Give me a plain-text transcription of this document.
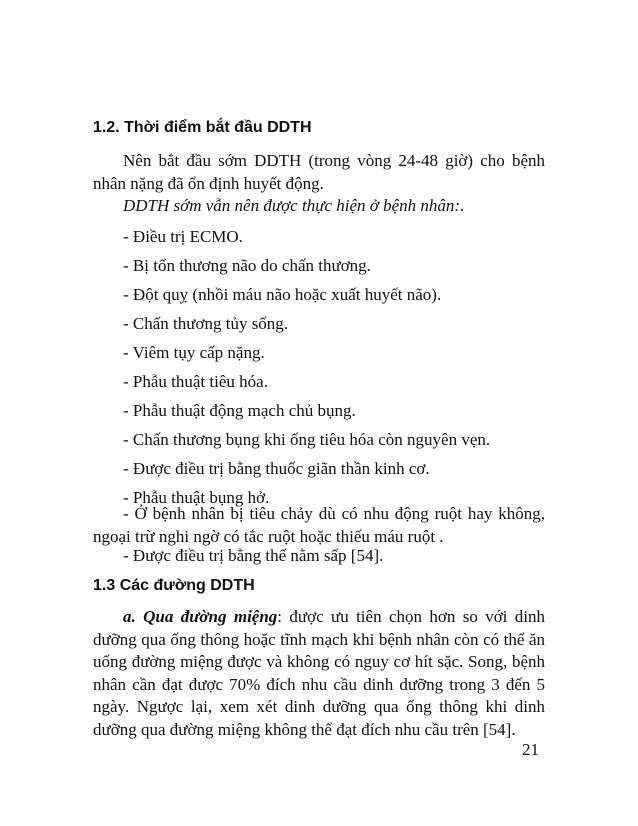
1.2. Thời điểm bắt đầu DDTH
Nên bắt đầu sớm DDTH (trong vòng 24-48 giờ) cho bệnh nhân nặng đã ổn định huyết động.
DDTH sớm vẫn nên được thực hiện ở bệnh nhân:.
- Điều trị ECMO.
- Bị tổn thương não do chấn thương.
- Đột quỵ (nhồi máu não hoặc xuất huyết não).
- Chấn thương tủy sống.
- Viêm tụy cấp nặng.
- Phẫu thuật tiêu hóa.
- Phẫu thuật động mạch chủ bụng.
- Chấn thương bụng khi ống tiêu hóa còn nguyên vẹn.
- Được điều trị bằng thuốc giãn thần kinh cơ.
- Phẫu thuật bụng hở.
- Ở bệnh nhân bị tiêu chảy dù có nhu động ruột hay không, ngoại trừ nghi ngờ có tắc ruột hoặc thiếu máu ruột .
- Được điều trị bằng thế nằm sấp [54].
1.3 Các đường DDTH
a. Qua đường miệng: được ưu tiên chọn hơn so với dinh dưỡng qua ống thông hoặc tĩnh mạch khi bệnh nhân còn có thể ăn uống đường miệng được và không có nguy cơ hít sặc. Song, bệnh nhân cần đạt được 70% đích nhu cầu dinh dưỡng trong 3 đến 5 ngày. Ngược lại, xem xét dinh dưỡng qua ống thông khi dinh dưỡng qua đường miệng không thể đạt đích nhu cầu trên [54].
21
